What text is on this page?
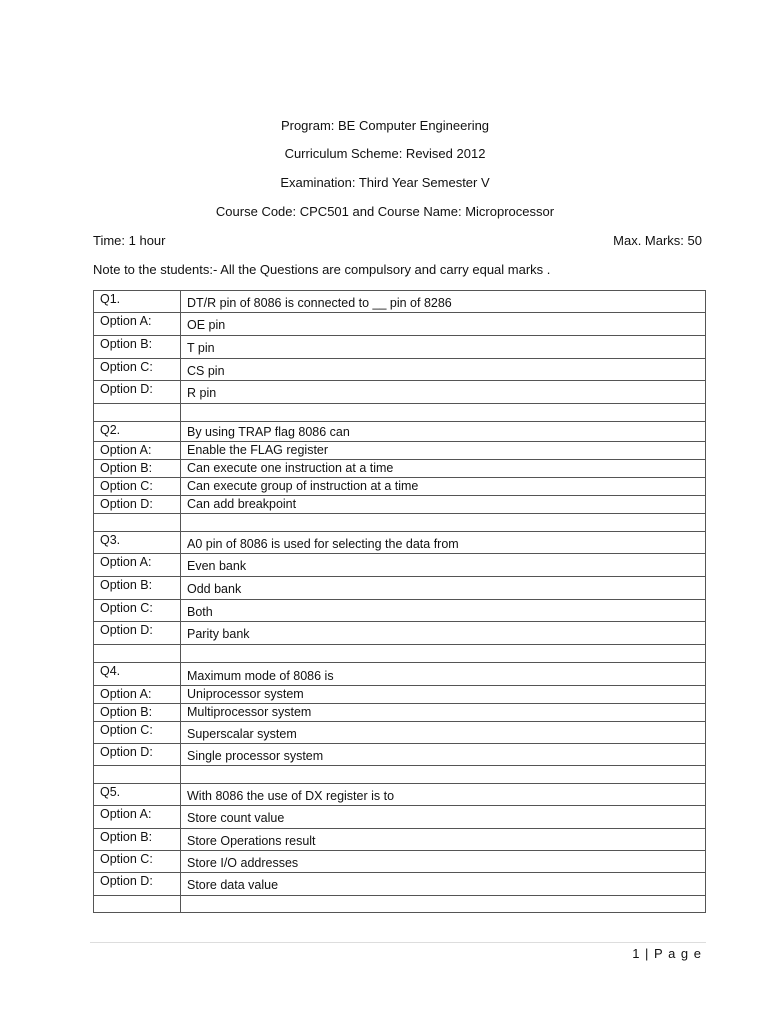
Program: BE Computer Engineering
Curriculum Scheme: Revised 2012
Examination: Third Year Semester V
Course Code: CPC501 and Course Name: Microprocessor
Time: 1 hour	Max. Marks: 50
Note to the students:- All the Questions are compulsory and carry equal marks .
Q1.	DT/R pin of 8086 is connected to __ pin of 8286
Option A:	OE pin
Option B:	T pin
Option C:	CS pin
Option D:	R pin

Q2.	By using TRAP flag 8086 can
Option A:	Enable the FLAG register
Option B:	Can execute one instruction at a time
Option C:	Can execute group of instruction at a time
Option D:	Can add breakpoint

Q3.	A0 pin of 8086 is used for selecting the data from
Option A:	Even bank
Option B:	Odd bank
Option C:	Both
Option D:	Parity bank

Q4.	Maximum mode of 8086 is
Option A:	Uniprocessor system
Option B:	Multiprocessor system
Option C:	Superscalar system
Option D:	Single processor system

Q5.	With 8086 the use of DX register is to
Option A:	Store count value
Option B:	Store Operations result
Option C:	Store I/O addresses
Option D:	Store data value

1 | P a g e
